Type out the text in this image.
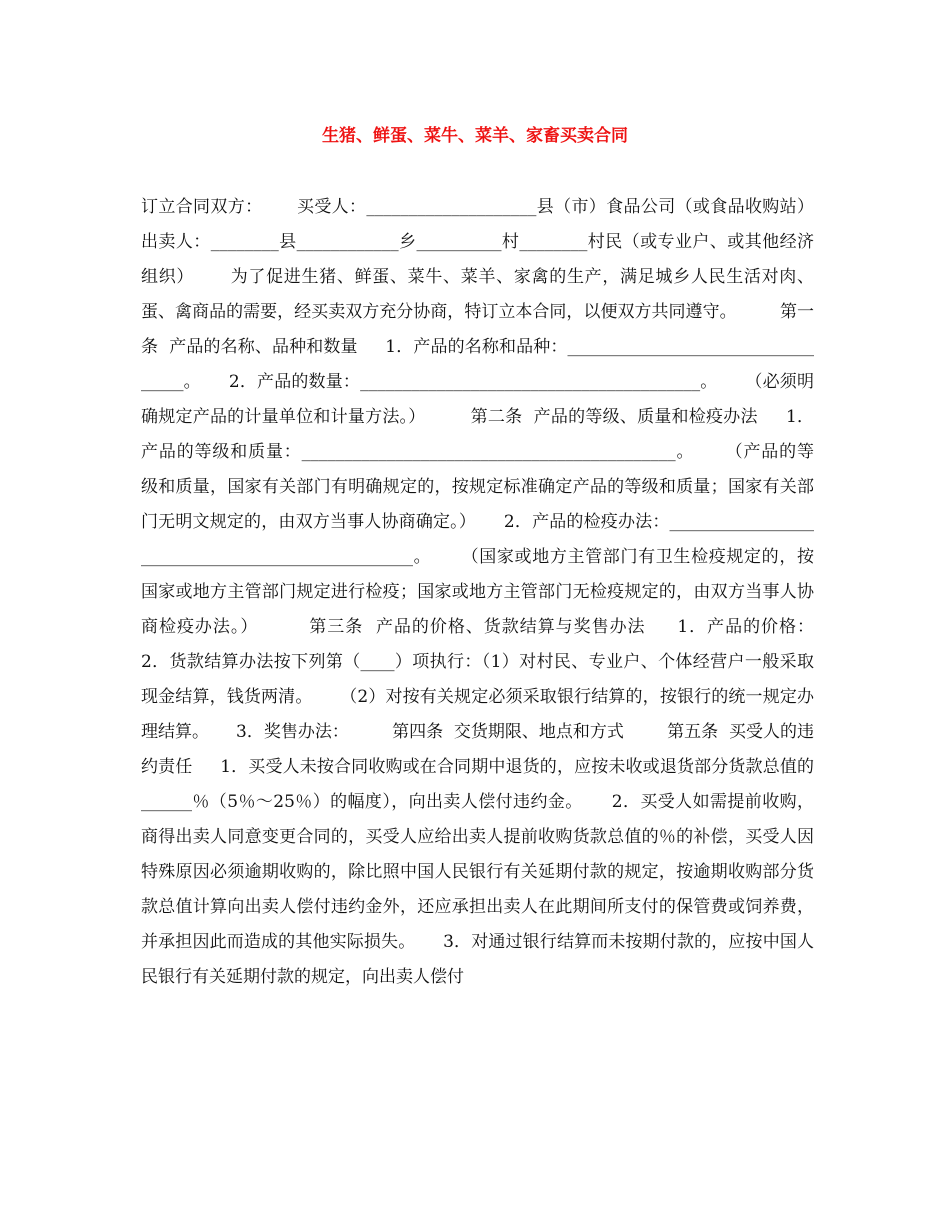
生猪、鲜蛋、菜牛、菜羊、家畜买卖合同

订立合同双方：      买受人：____________________县（市）食品公司（或食品收购站）      出卖人：________县____________乡__________村________村民（或专业户、或其他经济组织）      为了促进生猪、鲜蛋、菜牛、菜羊、家禽的生产，满足城乡人民生活对肉、蛋、禽商品的需要，经买卖双方充分协商，特订立本合同，以便双方共同遵守。        第一条  产品的名称、品种和数量     1．产品的名称和品种：__________________________________。     2．产品的数量：________________________________________。     （必须明确规定产品的计量单位和计量方法。）        第二条  产品的等级、质量和检疫办法     1．产品的等级和质量：____________________________________________。     （产品的等级和质量，国家有关部门有明确规定的，按规定标准确定产品的等级和质量；国家有关部门无明文规定的，由双方当事人协商确定。）     2．产品的检疫办法：_________________________________________________。     （国家或地方主管部门有卫生检疫规定的，按国家或地方主管部门规定进行检疫；国家或地方主管部门无检疫规定的，由双方当事人协商检疫办法。）        第三条  产品的价格、货款结算与奖售办法     1．产品的价格：     2．货款结算办法按下列第（____）项执行：（1）对村民、专业户、个体经营户一般采取现金结算，钱货两清。     （2）对按有关规定必须采取银行结算的，按银行的统一规定办理结算。     3．奖售办法：        第四条  交货期限、地点和方式        第五条  买受人的违约责任     1．买受人未按合同收购或在合同期中退货的，应按未收或退货部分货款总值的______％（5％～25％）的幅度），向出卖人偿付违约金。     2．买受人如需提前收购，商得出卖人同意变更合同的，买受人应给出卖人提前收购货款总值的％的补偿，买受人因特殊原因必须逾期收购的，除比照中国人民银行有关延期付款的规定，按逾期收购部分货款总值计算向出卖人偿付违约金外，还应承担出卖人在此期间所支付的保管费或饲养费，并承担因此而造成的其他实际损失。     3．对通过银行结算而未按期付款的，应按中国人民银行有关延期付款的规定，向出卖人偿付
